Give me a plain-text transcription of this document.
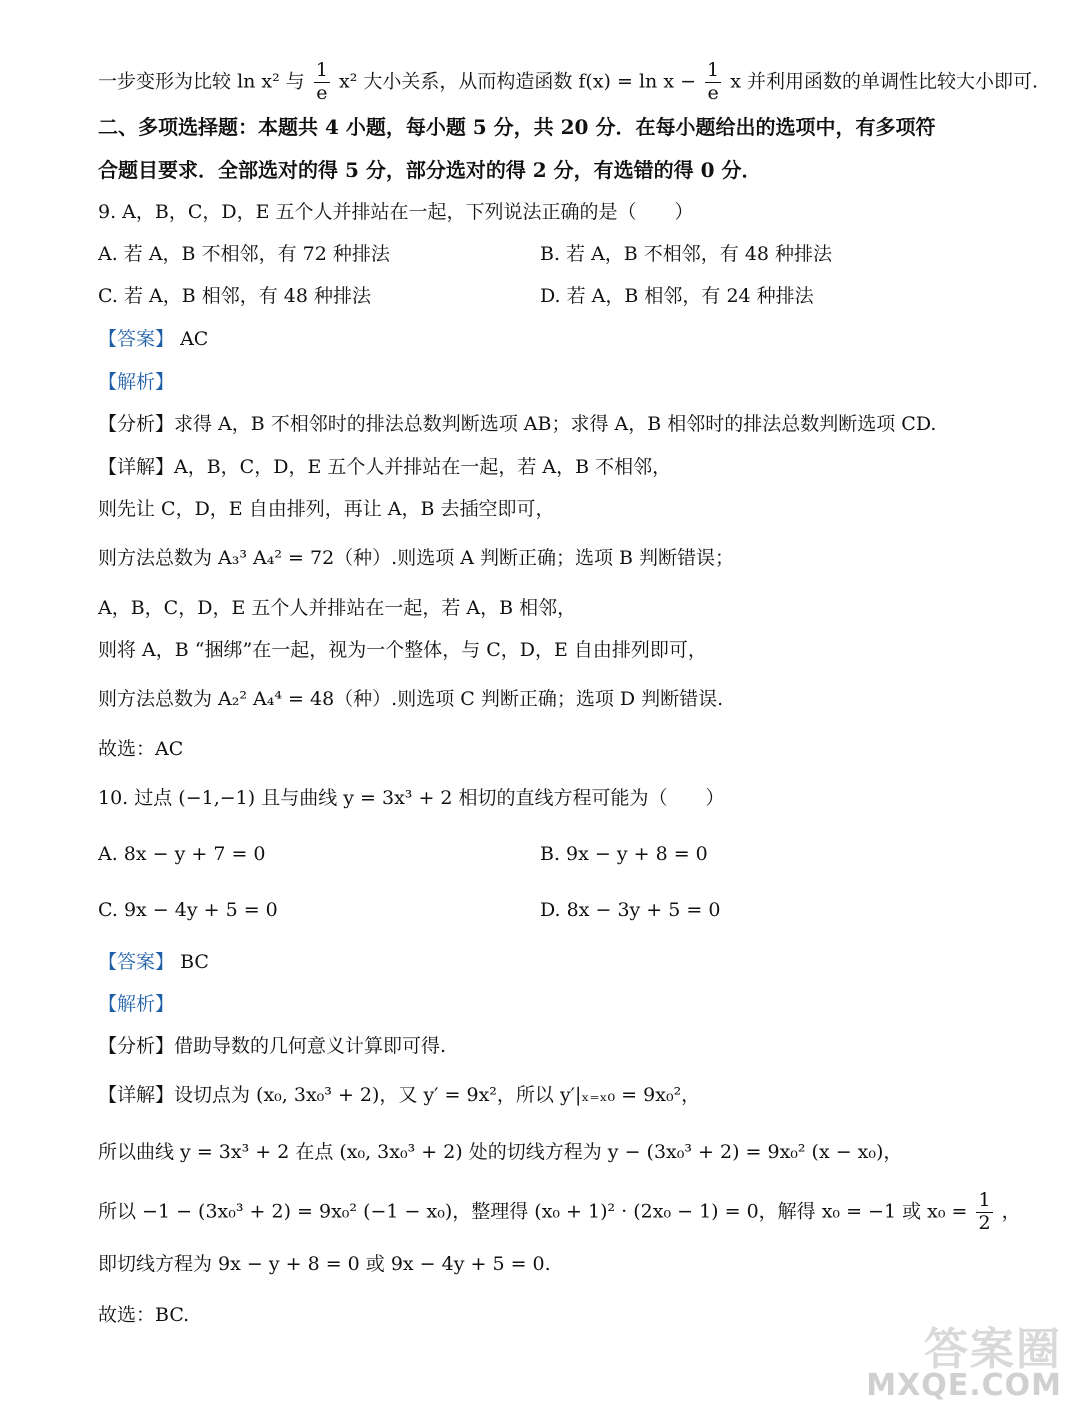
一步变形为比较 ln x² 与 $\frac{1}{e} x^2$ 大小关系，从而构造函数 $f(x) = \ln x - \frac{1}{e}$ x 并利用函数的单调性比较大小即可.
二、多项选择题：本题共 4 小题，每小题 5 分，共 20 分．在每小题给出的选项中，有多项符
合题目要求．全部选对的得 5 分，部分选对的得 2 分，有选错的得 0 分．
9. A，B，C，D，E 五个人并排站在一起，下列说法正确的是（　　）
A. 若 A，B 不相邻，有 72 种排法	B. 若 A，B 不相邻，有 48 种排法
C. 若 A，B 相邻，有 48 种排法	D. 若 A，B 相邻，有 24 种排法
【答案】 AC
【解析】
【分析】求得 A，B 不相邻时的排法总数判断选项 AB；求得 A，B 相邻时的排法总数判断选项 CD.
【详解】A，B，C，D，E 五个人并排站在一起，若 A，B 不相邻，
则先让 C，D，E 自由排列，再让 A，B 去插空即可，
则方法总数为 A₃³ A₄² = 72（种）.则选项 A 判断正确；选项 B 判断错误；
A，B，C，D，E 五个人并排站在一起，若 A，B 相邻，
则将 A，B “捆绑”在一起，视为一个整体，与 C，D，E 自由排列即可，
则方法总数为 A₂² A₄⁴ = 48（种）.则选项 C 判断正确；选项 D 判断错误.
故选：AC
10. 过点 (−1,−1) 且与曲线 y = 3x³ + 2 相切的直线方程可能为（　　）
A. 8x − y + 7 = 0	B. 9x − y + 8 = 0
C. 9x − 4y + 5 = 0	D. 8x − 3y + 5 = 0
【答案】 BC
【解析】
【分析】借助导数的几何意义计算即可得.
【详解】设切点为 (x₀, 3x₀³ + 2)，又 y′ = 9x²，所以 y′|ₓ₌ₓ₀ = 9x₀²，
所以曲线 y = 3x³ + 2 在点 (x₀, 3x₀³ + 2) 处的切线方程为 y − (3x₀³ + 2) = 9x₀² (x − x₀)，
所以 −1 − (3x₀³ + 2) = 9x₀² (−1 − x₀)，整理得 (x₀ + 1)² · (2x₀ − 1) = 0，解得 x₀ = −1 或 $x_0 = \frac{1}{2}$ ，
即切线方程为 9x − y + 8 = 0 或 9x − 4y + 5 = 0.
故选：BC.
答案圈
MXQE.COM
